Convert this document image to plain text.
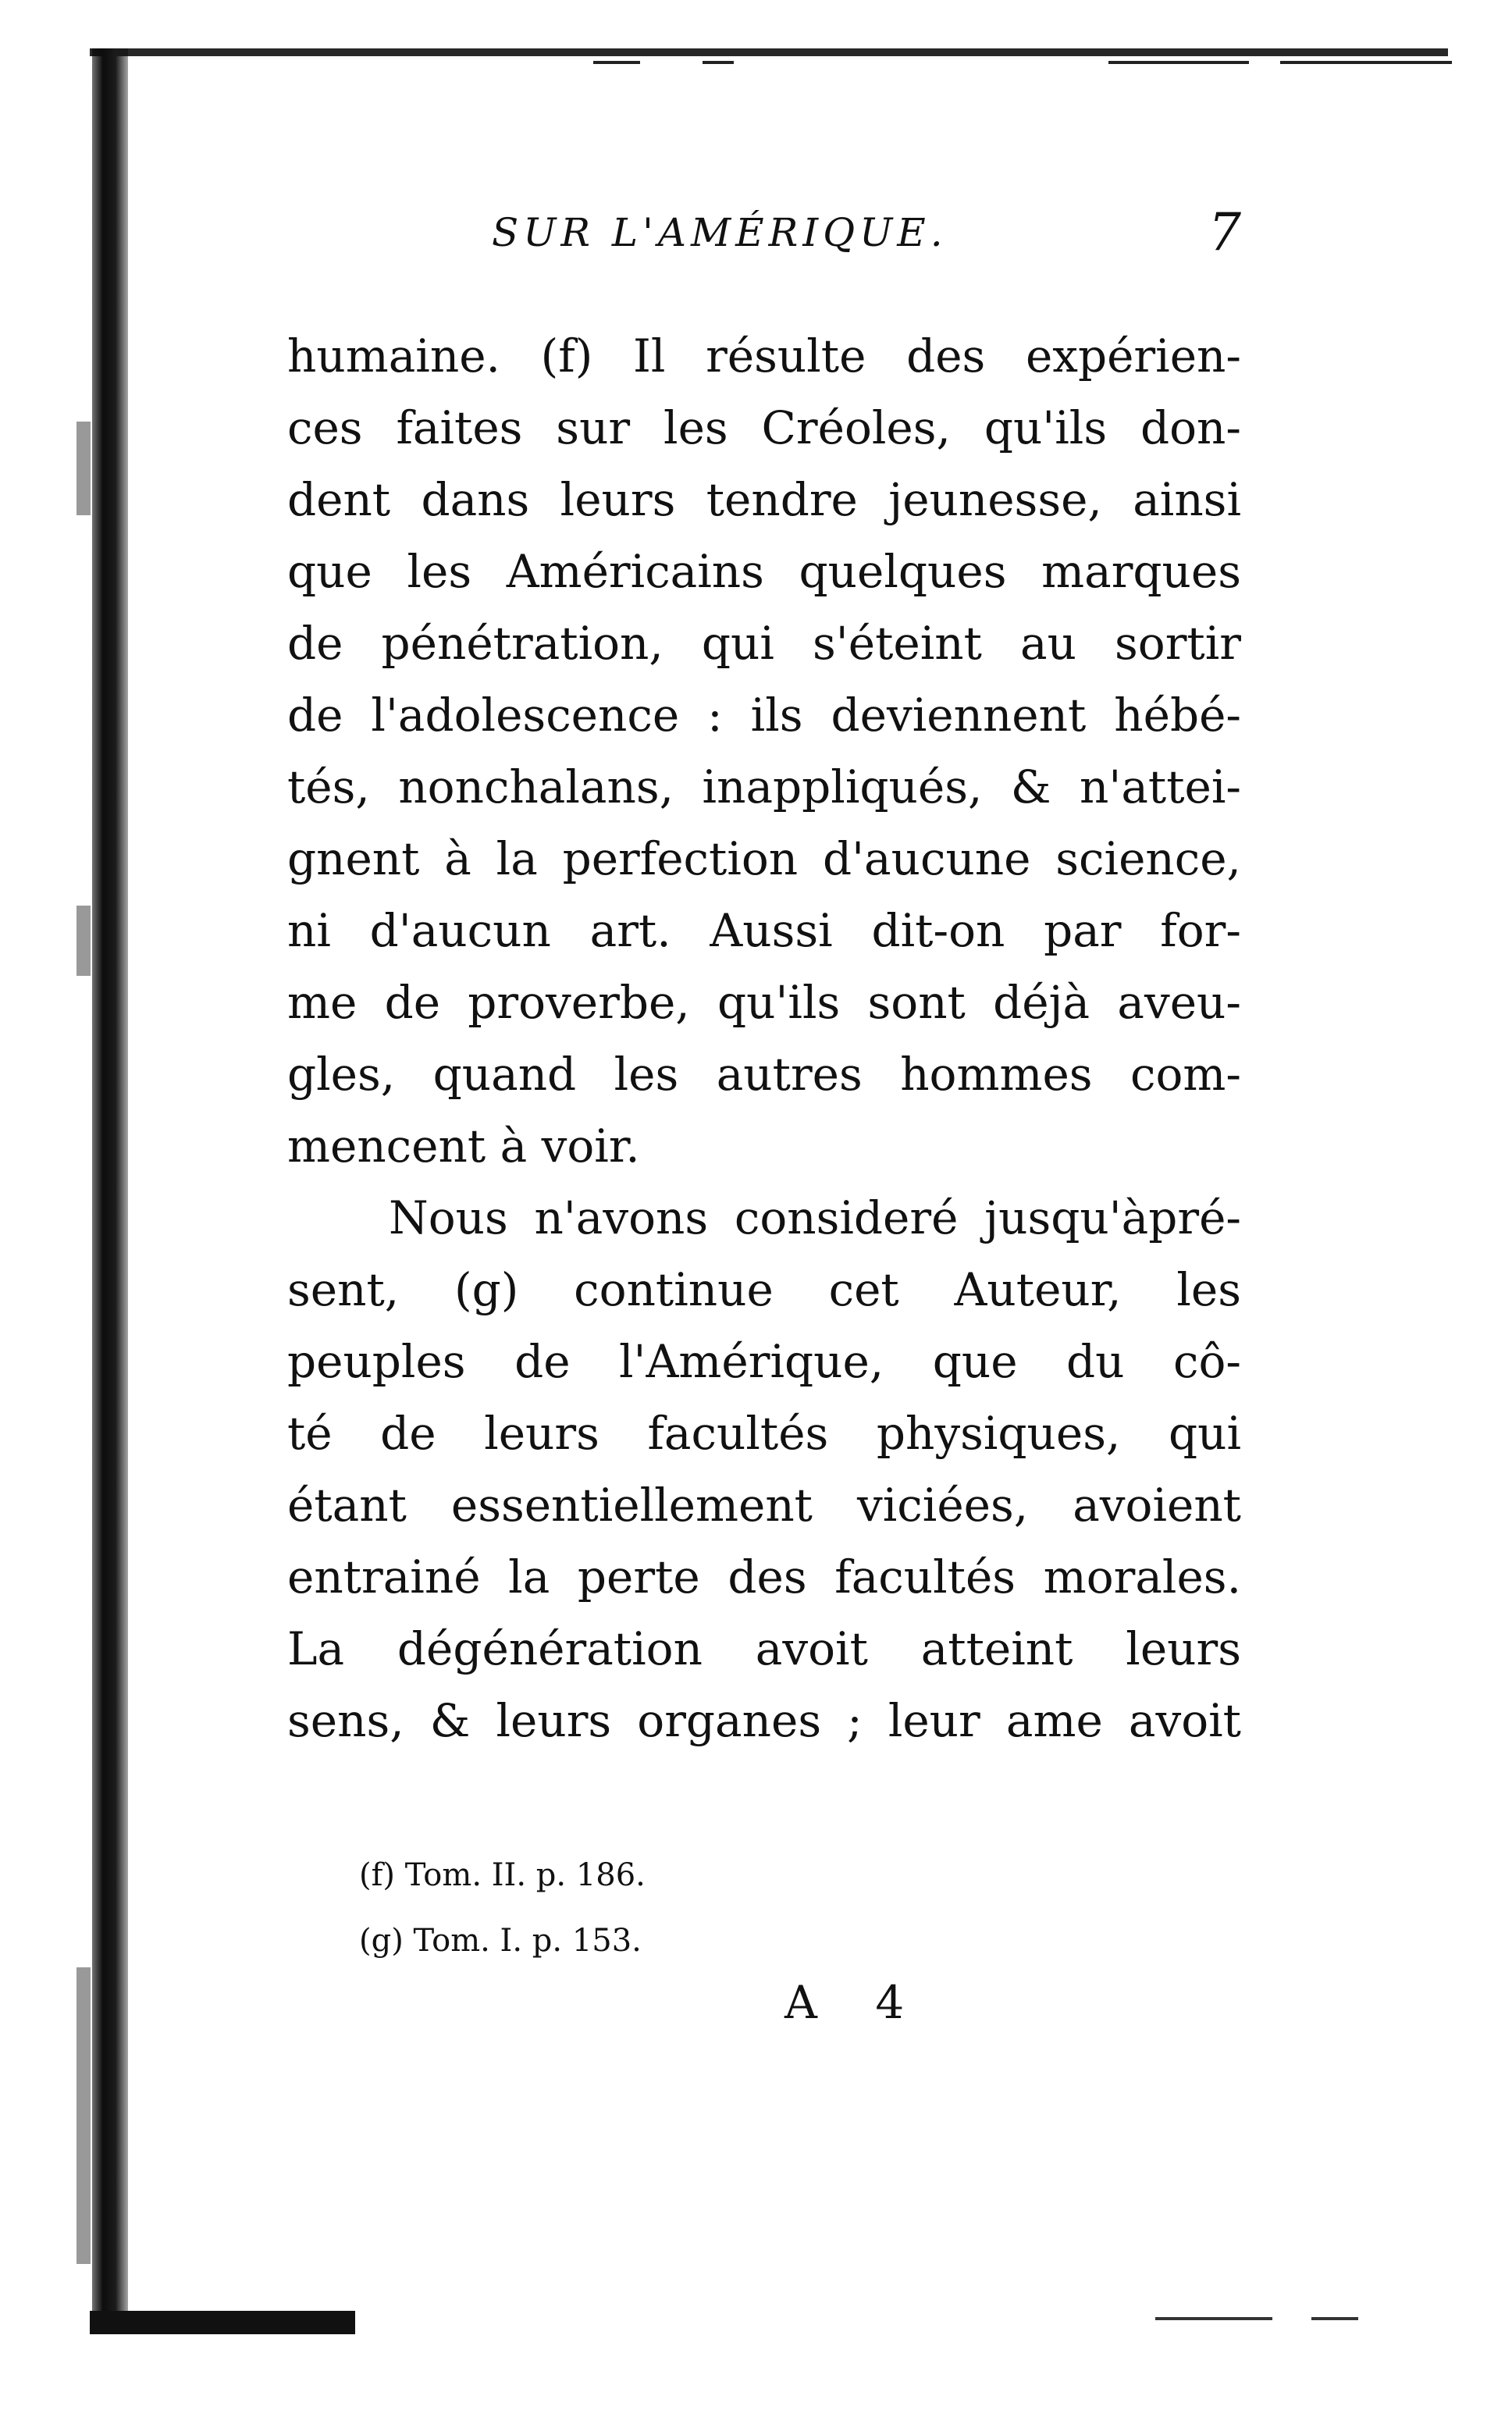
SUR L'AMÉRIQUE.	7
humaine. (f) Il résulte des expérien-
ces faites sur les Créoles, qu'ils don-
dent dans leurs tendre jeunesse, ainsi
que les Américains quelques marques
de pénétration, qui s'éteint au sortir
de l'adolescence : ils deviennent hébé-
tés, nonchalans, inappliqués, & n'attei-
gnent à la perfection d'aucune science,
ni d'aucun art. Aussi dit-on par for-
me de proverbe, qu'ils sont déjà aveu-
gles, quand les autres hommes com-
mencent à voir.
Nous n'avons consideré jusqu'àpré-
sent, (g) continue cet Auteur, les
peuples de l'Amérique, que du cô-
té de leurs facultés physiques, qui
étant essentiellement viciées, avoient
entrainé la perte des facultés morales.
La dégénération avoit atteint leurs
sens, & leurs organes ; leur ame avoit
(f) Tom. II. p. 186.
(g) Tom. I. p. 153.
A 4
